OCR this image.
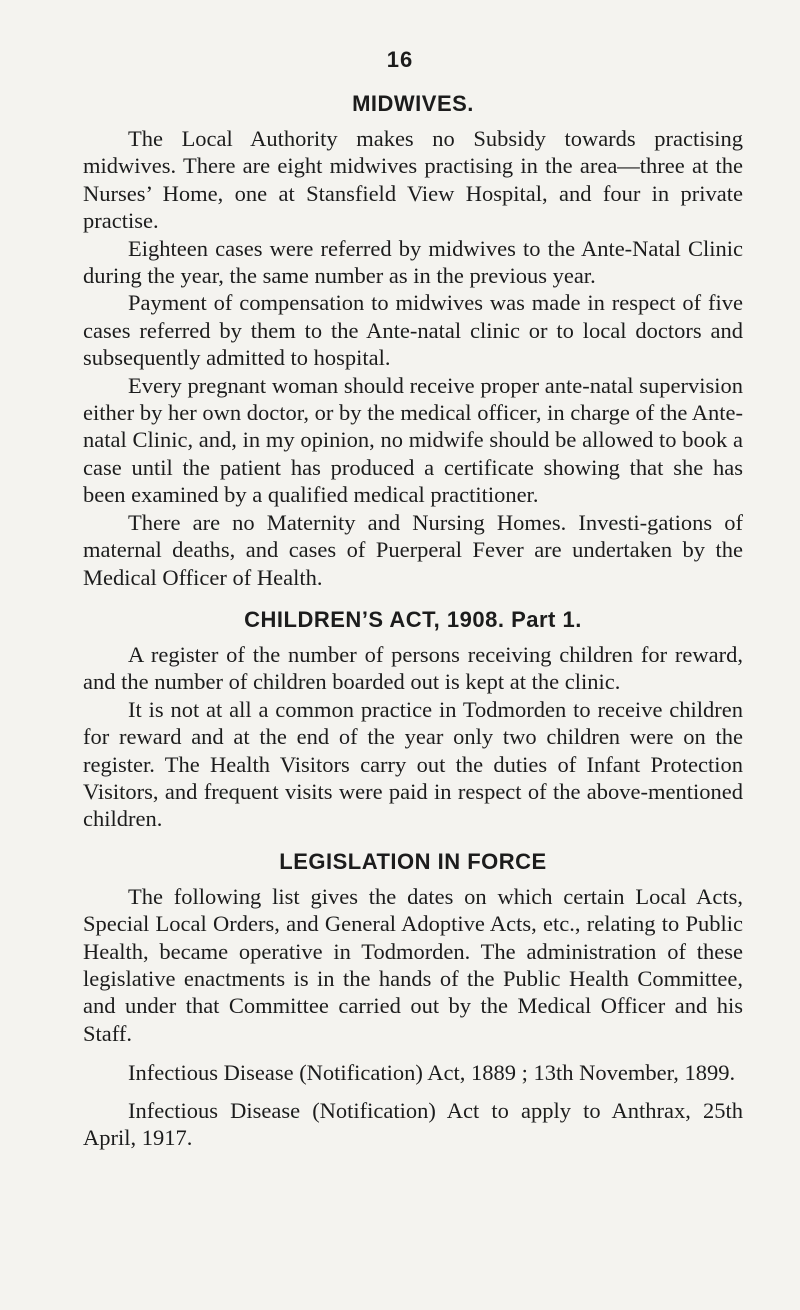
16
MIDWIVES.

The Local Authority makes no Subsidy towards practising midwives. There are eight midwives practising in the area—three at the Nurses’ Home, one at Stansfield View Hospital, and four in private practise.

Eighteen cases were referred by midwives to the Ante-Natal Clinic during the year, the same number as in the previous year.

Payment of compensation to midwives was made in respect of five cases referred by them to the Ante-natal clinic or to local doctors and subsequently admitted to hospital.

Every pregnant woman should receive proper ante-natal supervision either by her own doctor, or by the medical officer, in charge of the Ante-natal Clinic, and, in my opinion, no midwife should be allowed to book a case until the patient has produced a certificate showing that she has been examined by a qualified medical practitioner.

There are no Maternity and Nursing Homes. Investi-gations of maternal deaths, and cases of Puerperal Fever are undertaken by the Medical Officer of Health.

CHILDREN’S ACT, 1908. Part 1.

A register of the number of persons receiving children for reward, and the number of children boarded out is kept at the clinic.

It is not at all a common practice in Todmorden to receive children for reward and at the end of the year only two children were on the register. The Health Visitors carry out the duties of Infant Protection Visitors, and frequent visits were paid in respect of the above-mentioned children.

LEGISLATION IN FORCE

The following list gives the dates on which certain Local Acts, Special Local Orders, and General Adoptive Acts, etc., relating to Public Health, became operative in Todmorden. The administration of these legislative enactments is in the hands of the Public Health Committee, and under that Committee carried out by the Medical Officer and his Staff.

Infectious Disease (Notification) Act, 1889 ; 13th November, 1899.

Infectious Disease (Notification) Act to apply to Anthrax, 25th April, 1917.
